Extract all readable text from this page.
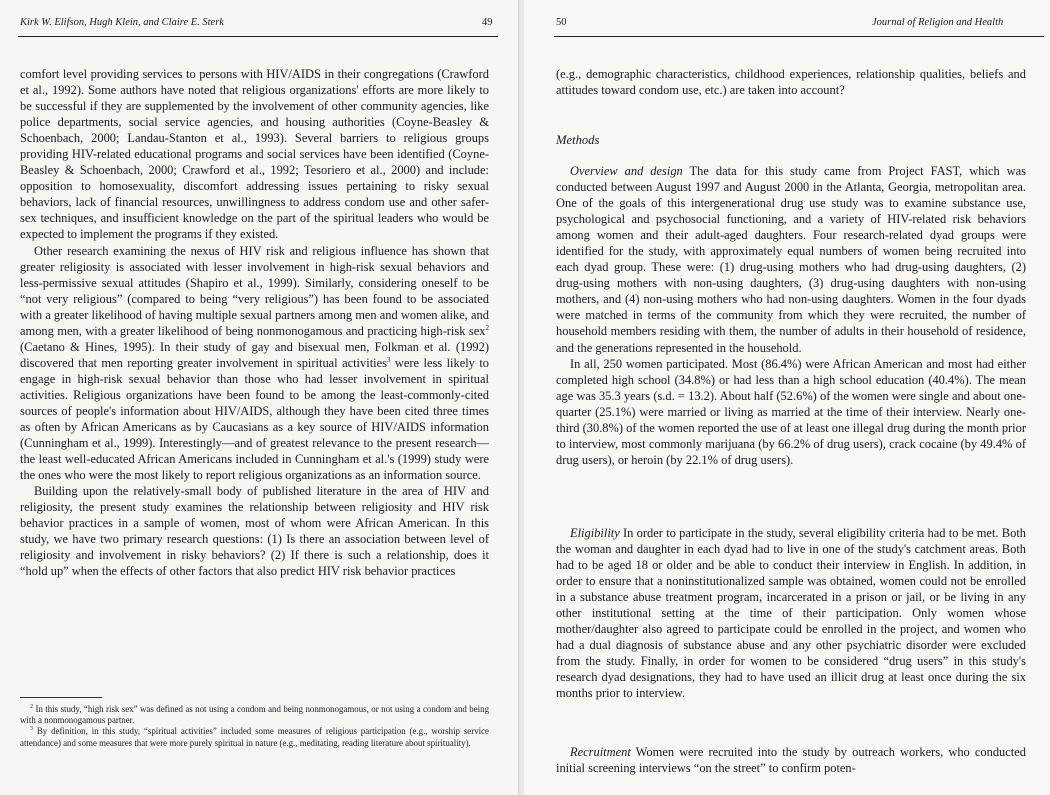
Kirk W. Elifson, Hugh Klein, and Claire E. Sterk	49

comfort level providing services to persons with HIV/AIDS in their congregations (Crawford et al., 1992). Some authors have noted that religious organizations' efforts are more likely to be successful if they are supplemented by the involvement of other community agencies, like police departments, social service agencies, and housing authorities (Coyne-Beasley & Schoenbach, 2000; Landau-Stanton et al., 1993). Several barriers to religious groups providing HIV-related educational programs and social services have been identified (Coyne-Beasley & Schoenbach, 2000; Crawford et al., 1992; Tesoriero et al., 2000) and include: opposition to homosexuality, discomfort addressing issues pertaining to risky sexual behaviors, lack of financial resources, unwillingness to address condom use and other safer-sex techniques, and insufficient knowledge on the part of the spiritual leaders who would be expected to implement the programs if they existed.

Other research examining the nexus of HIV risk and religious influence has shown that greater religiosity is associated with lesser involvement in high-risk sexual behaviors and less-permissive sexual attitudes (Shapiro et al., 1999). Similarly, considering oneself to be “not very religious” (compared to being “very religious”) has been found to be associated with a greater likelihood of having multiple sexual partners among men and women alike, and among men, with a greater likelihood of being nonmonogamous and practicing high-risk sex$^2$ (Caetano & Hines, 1995). In their study of gay and bisexual men, Folkman et al. (1992) discovered that men reporting greater involvement in spiritual activities$^3$ were less likely to engage in high-risk sexual behavior than those who had lesser involvement in spiritual activities. Religious organizations have been found to be among the least-commonly-cited sources of people's information about HIV/AIDS, although they have been cited three times as often by African Americans as by Caucasians as a key source of HIV/AIDS information (Cunningham et al., 1999). Interestingly—and of greatest relevance to the present research—the least well-educated African Americans included in Cunningham et al.'s (1999) study were the ones who were the most likely to report religious organizations as an information source.

Building upon the relatively-small body of published literature in the area of HIV and religiosity, the present study examines the relationship between religiosity and HIV risk behavior practices in a sample of women, most of whom were African American. In this study, we have two primary research questions: (1) Is there an association between level of religiosity and involvement in risky behaviors? (2) If there is such a relationship, does it “hold up” when the effects of other factors that also predict HIV risk behavior practices

$^2$ In this study, “high risk sex” was defined as not using a condom and being nonmonogamous, or not using a condom and being with a nonmonogamous partner.

$^3$ By definition, in this study, “spiritual activities” included some measures of religious participation (e.g., worship service attendance) and some measures that were more purely spiritual in nature (e.g., meditating, reading literature about spirituality).

50	Journal of Religion and Health

(e.g., demographic characteristics, childhood experiences, relationship qualities, beliefs and attitudes toward condom use, etc.) are taken into account?

Methods

Overview and design The data for this study came from Project FAST, which was conducted between August 1997 and August 2000 in the Atlanta, Georgia, metropolitan area. One of the goals of this intergenerational drug use study was to examine substance use, psychological and psychosocial functioning, and a variety of HIV-related risk behaviors among women and their adult-aged daughters. Four research-related dyad groups were identified for the study, with approximately equal numbers of women being recruited into each dyad group. These were: (1) drug-using mothers who had drug-using daughters, (2) drug-using mothers with non-using daughters, (3) drug-using daughters with non-using mothers, and (4) non-using mothers who had non-using daughters. Women in the four dyads were matched in terms of the community from which they were recruited, the number of household members residing with them, the number of adults in their household of residence, and the generations represented in the household.

In all, 250 women participated. Most (86.4%) were African American and most had either completed high school (34.8%) or had less than a high school education (40.4%). The mean age was 35.3 years (s.d. = 13.2). About half (52.6%) of the women were single and about one-quarter (25.1%) were married or living as married at the time of their interview. Nearly one-third (30.8%) of the women reported the use of at least one illegal drug during the month prior to interview, most commonly marijuana (by 66.2% of drug users), crack cocaine (by 49.4% of drug users), or heroin (by 22.1% of drug users).

Eligibility In order to participate in the study, several eligibility criteria had to be met. Both the woman and daughter in each dyad had to live in one of the study's catchment areas. Both had to be aged 18 or older and be able to conduct their interview in English. In addition, in order to ensure that a noninstitutionalized sample was obtained, women could not be enrolled in a substance abuse treatment program, incarcerated in a prison or jail, or be living in any other institutional setting at the time of their participation. Only women whose mother/daughter also agreed to participate could be enrolled in the project, and women who had a dual diagnosis of substance abuse and any other psychiatric disorder were excluded from the study. Finally, in order for women to be considered “drug users” in this study's research dyad designations, they had to have used an illicit drug at least once during the six months prior to interview.

Recruitment Women were recruited into the study by outreach workers, who conducted initial screening interviews “on the street” to confirm poten-
